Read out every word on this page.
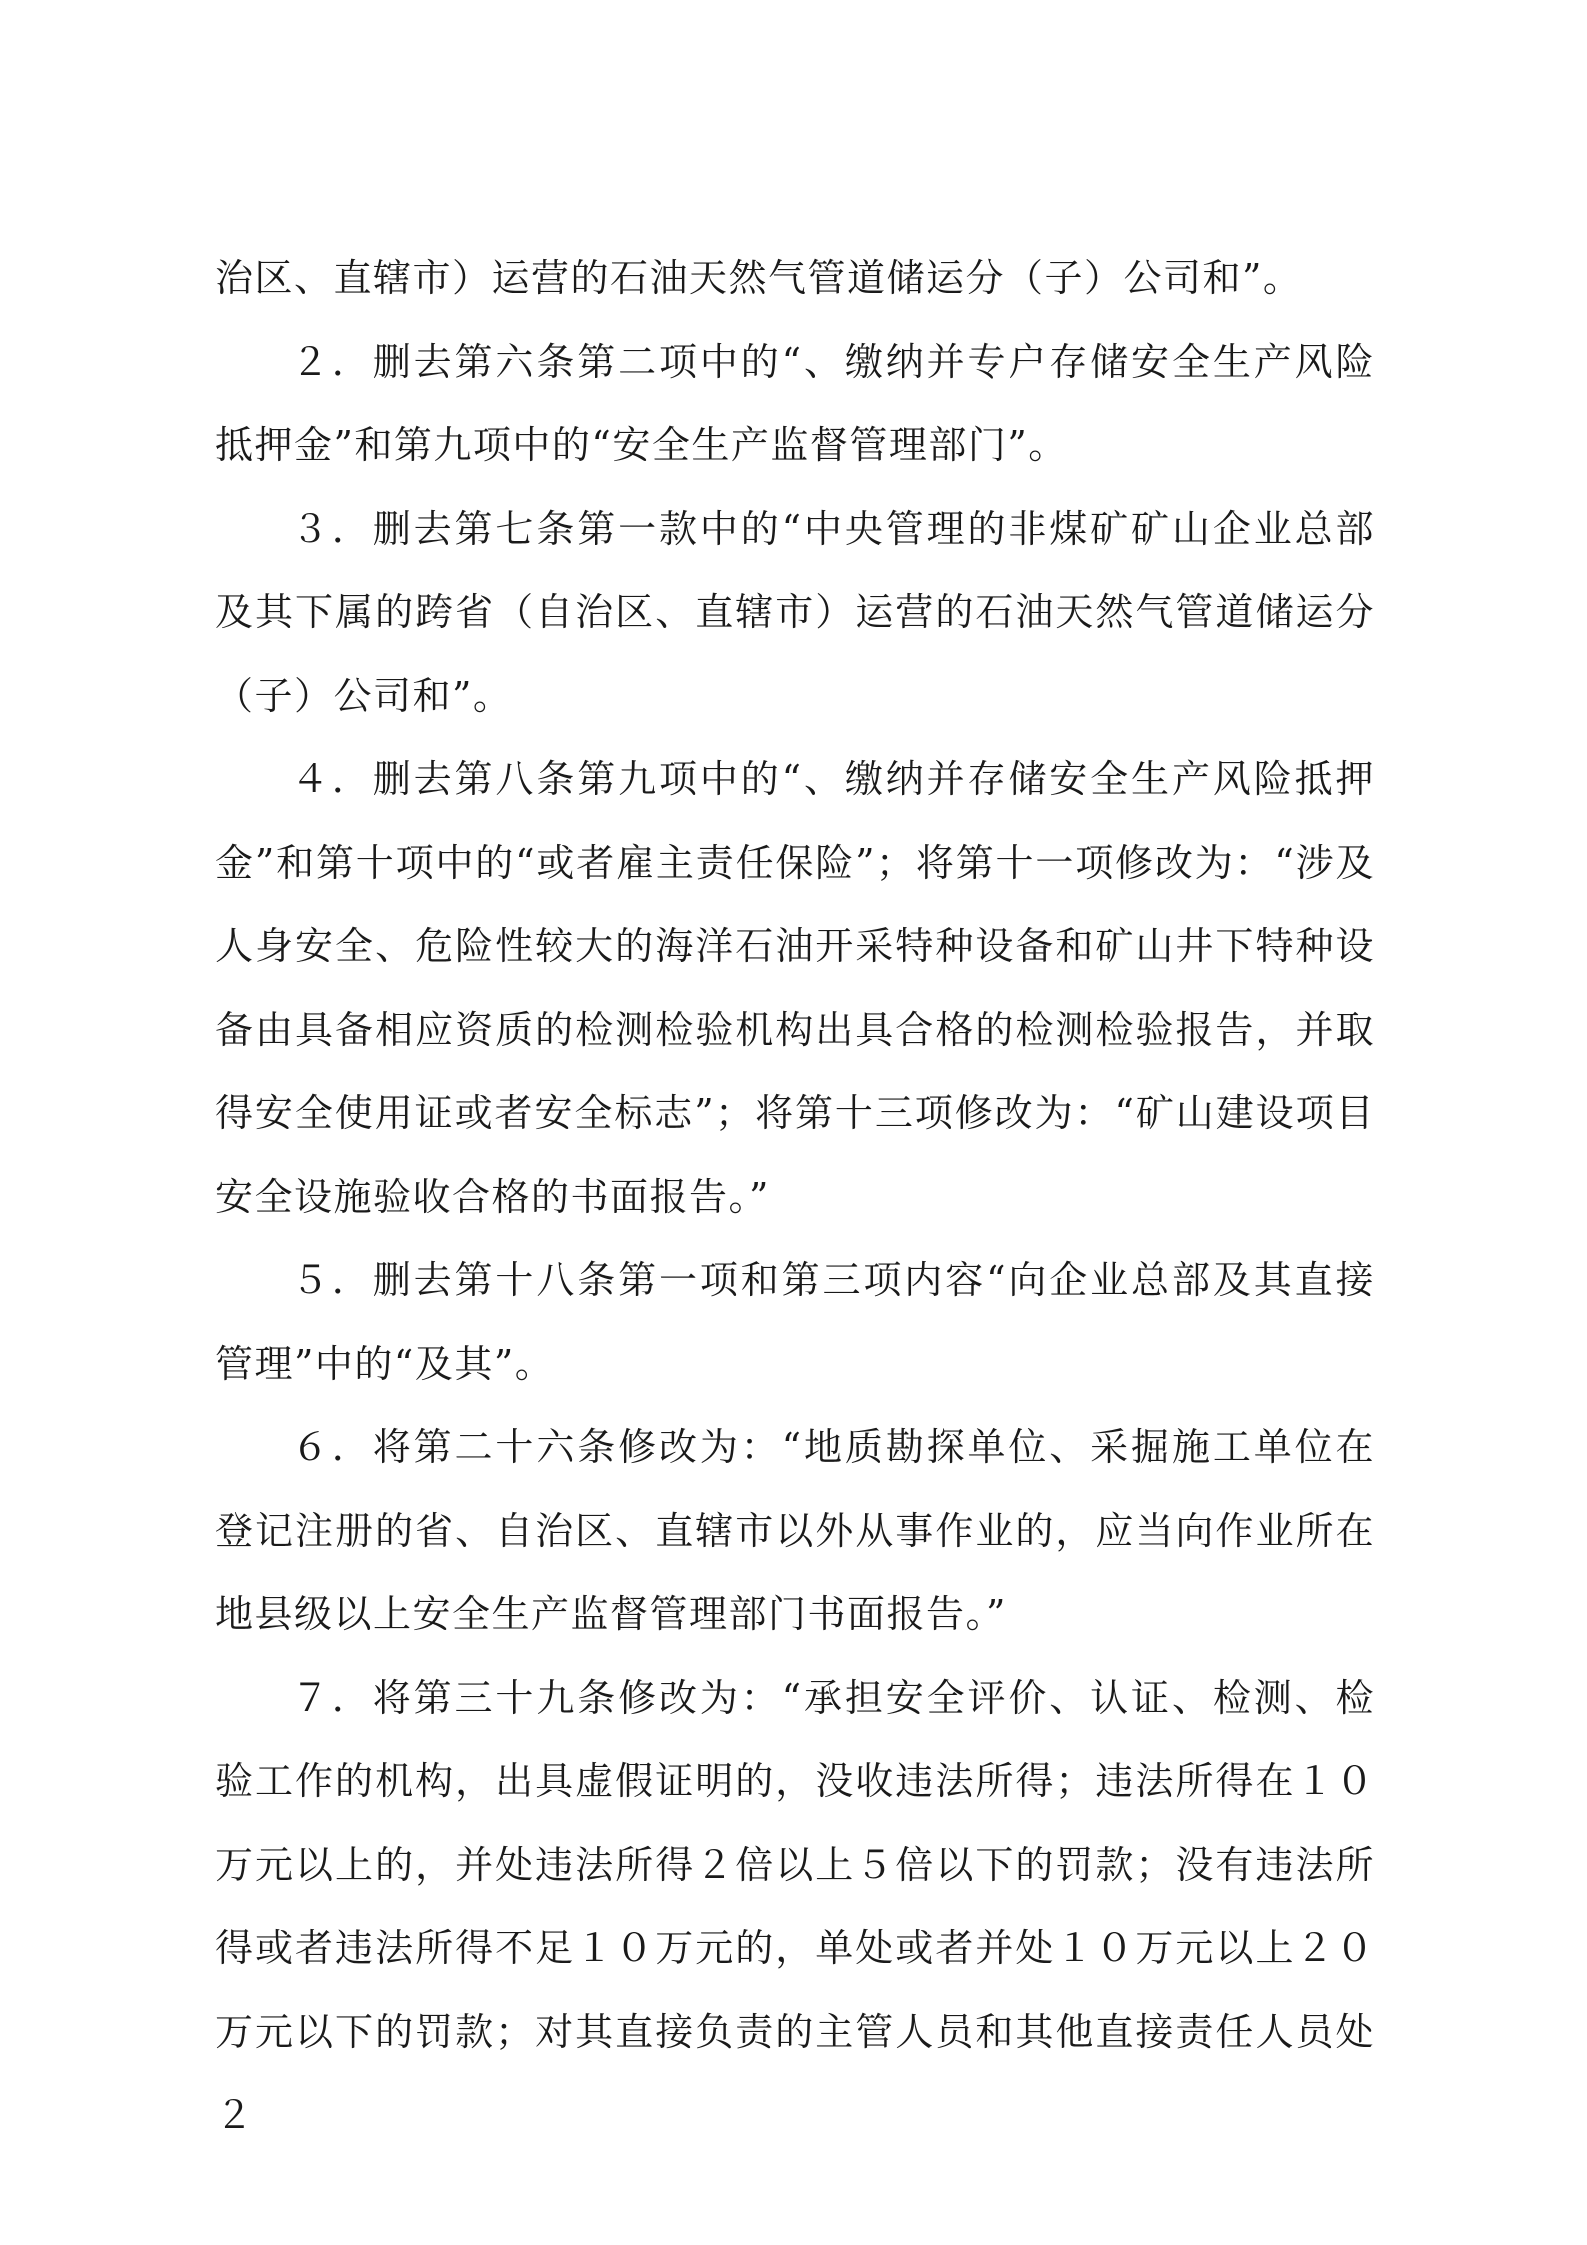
治区、直辖市）运营的石油天然气管道储运分（子）公司和”。

２．删去第六条第二项中的“、缴纳并专户存储安全生产风险抵押金”和第九项中的“安全生产监督管理部门”。

３．删去第七条第一款中的“中央管理的非煤矿矿山企业总部及其下属的跨省（自治区、直辖市）运营的石油天然气管道储运分（子）公司和”。

４．删去第八条第九项中的“、缴纳并存储安全生产风险抵押金”和第十项中的“或者雇主责任保险”；将第十一项修改为：“涉及人身安全、危险性较大的海洋石油开采特种设备和矿山井下特种设备由具备相应资质的检测检验机构出具合格的检测检验报告，并取得安全使用证或者安全标志”；将第十三项修改为：“矿山建设项目安全设施验收合格的书面报告。”

５．删去第十八条第一项和第三项内容“向企业总部及其直接管理”中的“及其”。

６．将第二十六条修改为：“地质勘探单位、采掘施工单位在登记注册的省、自治区、直辖市以外从事作业的，应当向作业所在地县级以上安全生产监督管理部门书面报告。”

７．将第三十九条修改为：“承担安全评价、认证、检测、检验工作的机构，出具虚假证明的，没收违法所得；违法所得在１０万元以上的，并处违法所得２倍以上５倍以下的罚款；没有违法所得或者违法所得不足１０万元的，单处或者并处１０万元以上２０万元以下的罚款；对其直接负责的主管人员和其他直接责任人员处２
